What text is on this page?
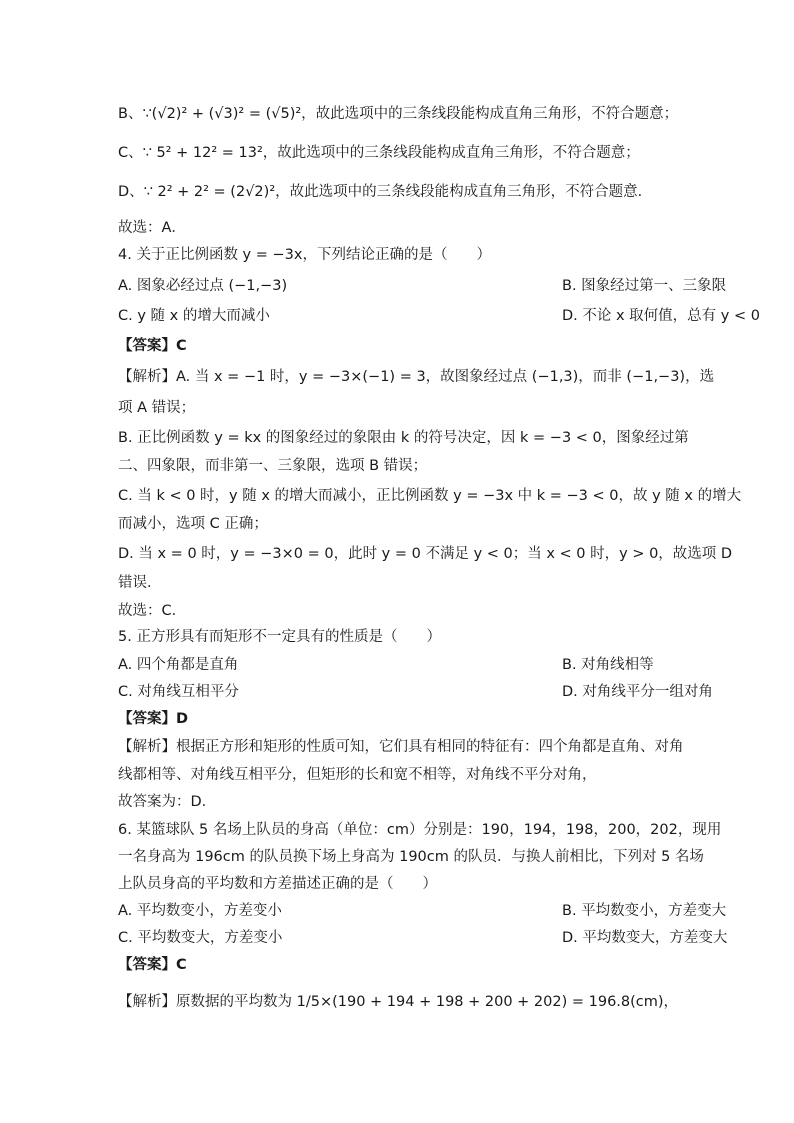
B、∵(√2)² + (√3)² = (√5)²，故此选项中的三条线段能构成直角三角形，不符合题意；
C、∵ 5² + 12² = 13²，故此选项中的三条线段能构成直角三角形，不符合题意；
D、∵ 2² + 2² = (2√2)²，故此选项中的三条线段能构成直角三角形，不符合题意．
故选：A．
4. 关于正比例函数 y = −3x，下列结论正确的是（　　）
A. 图象必经过点 (−1,−3)	B. 图象经过第一、三象限
C. y 随 x 的增大而减小	D. 不论 x 取何值，总有 y < 0
【答案】C
【解析】A. 当 x = −1 时，y = −3×(−1) = 3，故图象经过点 (−1,3)，而非 (−1,−3)，选
项 A 错误；
B. 正比例函数 y = kx 的图象经过的象限由 k 的符号决定，因 k = −3 < 0，图象经过第
二、四象限，而非第一、三象限，选项 B 错误；
C. 当 k < 0 时，y 随 x 的增大而减小，正比例函数 y = −3x 中 k = −3 < 0，故 y 随 x 的增大
而减小，选项 C 正确；
D. 当 x = 0 时，y = −3×0 = 0，此时 y = 0 不满足 y < 0；当 x < 0 时，y > 0，故选项 D
错误．
故选：C．
5. 正方形具有而矩形不一定具有的性质是（　　）
A. 四个角都是直角	B. 对角线相等
C. 对角线互相平分	D. 对角线平分一组对角
【答案】D
【解析】根据正方形和矩形的性质可知，它们具有相同的特征有：四个角都是直角、对角
线都相等、对角线互相平分，但矩形的长和宽不相等，对角线不平分对角，
故答案为：D．
6. 某篮球队 5 名场上队员的身高（单位：cm）分别是：190，194，198，200，202，现用
一名身高为 196cm 的队员换下场上身高为 190cm 的队员．与换人前相比，下列对 5 名场
上队员身高的平均数和方差描述正确的是（　　）
A. 平均数变小，方差变小	B. 平均数变小，方差变大
C. 平均数变大，方差变小	D. 平均数变大，方差变大
【答案】C
【解析】原数据的平均数为 1/5×(190 + 194 + 198 + 200 + 202) = 196.8(cm)，
